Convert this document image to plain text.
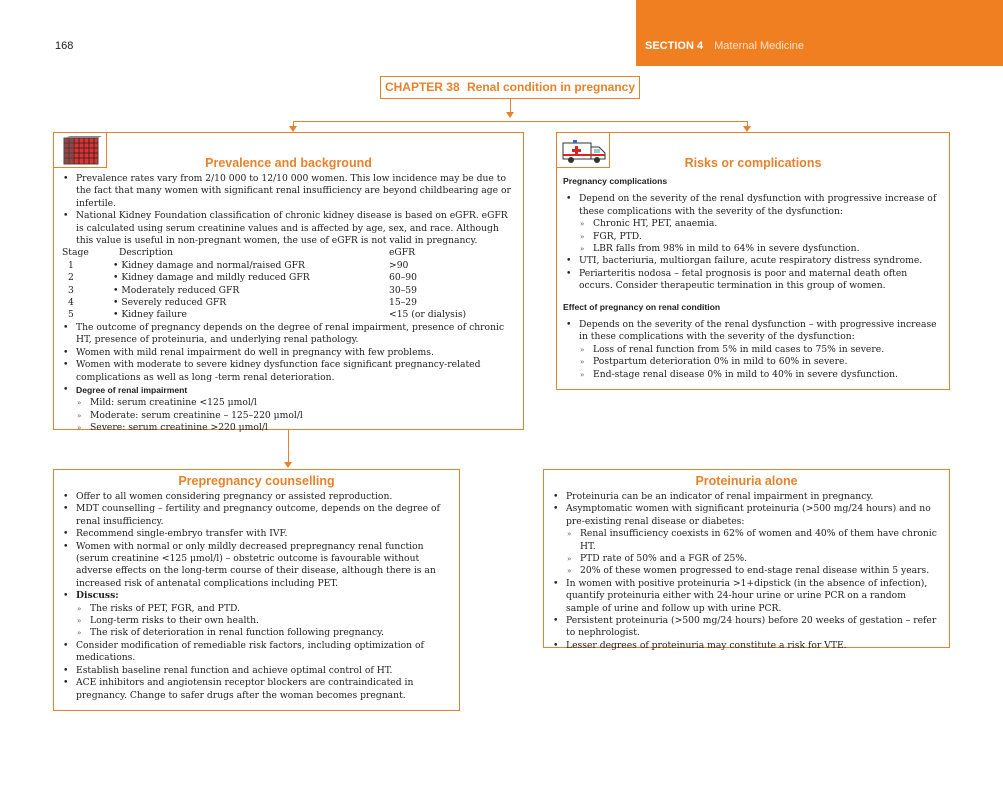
168	SECTION 4 Maternal Medicine
CHAPTER 38 Renal condition in pregnancy
Prevalence and background
• Prevalence rates vary from 2/10 000 to 12/10 000 women. This low incidence may be due to the fact that many women with significant renal insufficiency are beyond childbearing age or infertile.
• National Kidney Foundation classification of chronic kidney disease is based on eGFR. eGFR is calculated using serum creatinine values and is affected by age, sex, and race. Although this value is useful in non-pregnant women, the use of eGFR is not valid in pregnancy.
Stage	Description	eGFR
1	• Kidney damage and normal/raised GFR	>90
2	• Kidney damage and mildly reduced GFR	60–90
3	• Moderately reduced GFR	30–59
4	• Severely reduced GFR	15–29
5	• Kidney failure	<15 (or dialysis)
• The outcome of pregnancy depends on the degree of renal impairment, presence of chronic HT, presence of proteinuria, and underlying renal pathology.
• Women with mild renal impairment do well in pregnancy with few problems.
• Women with moderate to severe kidney dysfunction face significant pregnancy-related complications as well as long -term renal deterioration.
• Degree of renal impairment
» Mild: serum creatinine <125 μmol/l
» Moderate: serum creatinine – 125–220 μmol/l
» Severe: serum creatinine >220 μmol/l
Risks or complications
Pregnancy complications
• Depend on the severity of the renal dysfunction with progressive increase of these complications with the severity of the dysfunction:
» Chronic HT, PET, anaemia.
» FGR, PTD.
» LBR falls from 98% in mild to 64% in severe dysfunction.
• UTI, bacteriuria, multiorgan failure, acute respiratory distress syndrome.
• Periarteritis nodosa – fetal prognosis is poor and maternal death often occurs. Consider therapeutic termination in this group of women.
Effect of pregnancy on renal condition
• Depends on the severity of the renal dysfunction – with progressive increase in these complications with the severity of the dysfunction:
» Loss of renal function from 5% in mild cases to 75% in severe.
» Postpartum deterioration 0% in mild to 60% in severe.
» End-stage renal disease 0% in mild to 40% in severe dysfunction.
Prepregnancy counselling
• Offer to all women considering pregnancy or assisted reproduction.
• MDT counselling – fertility and pregnancy outcome, depends on the degree of renal insufficiency.
• Recommend single-embryo transfer with IVF.
• Women with normal or only mildly decreased prepregnancy renal function (serum creatinine <125 μmol/l) – obstetric outcome is favourable without adverse effects on the long-term course of their disease, although there is an increased risk of antenatal complications including PET.
• Discuss:
» The risks of PET, FGR, and PTD.
» Long-term risks to their own health.
» The risk of deterioration in renal function following pregnancy.
• Consider modification of remediable risk factors, including optimization of medications.
• Establish baseline renal function and achieve optimal control of HT.
• ACE inhibitors and angiotensin receptor blockers are contraindicated in pregnancy. Change to safer drugs after the woman becomes pregnant.
Proteinuria alone
• Proteinuria can be an indicator of renal impairment in pregnancy.
• Asymptomatic women with significant proteinuria (>500 mg/24 hours) and no pre-existing renal disease or diabetes:
» Renal insufficiency coexists in 62% of women and 40% of them have chronic HT.
» PTD rate of 50% and a FGR of 25%.
» 20% of these women progressed to end-stage renal disease within 5 years.
• In women with positive proteinuria >1+dipstick (in the absence of infection), quantify proteinuria either with 24-hour urine or urine PCR on a random sample of urine and follow up with urine PCR.
• Persistent proteinuria (>500 mg/24 hours) before 20 weeks of gestation – refer to nephrologist.
• Lesser degrees of proteinuria may constitute a risk for VTE.
